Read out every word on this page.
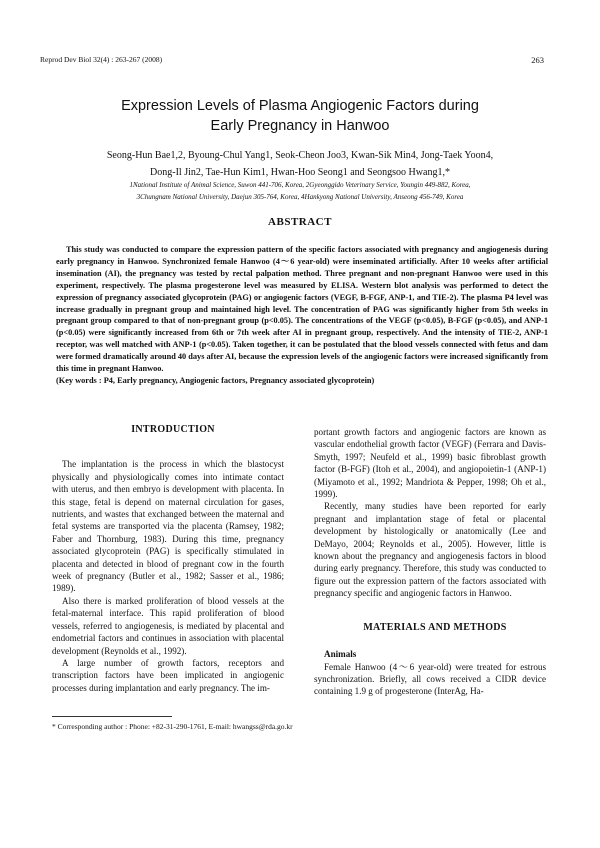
Reprod Dev Biol 32(4) : 263-267 (2008)	263
Expression Levels of Plasma Angiogenic Factors during
Early Pregnancy in Hanwoo
Seong-Hun Bae1,2, Byoung-Chul Yang1, Seok-Cheon Joo3, Kwan-Sik Min4, Jong-Taek Yoon4,
Dong-Il Jin2, Tae-Hun Kim1, Hwan-Hoo Seong1 and Seongsoo Hwang1,*
1National Institute of Animal Science, Suwon 441-706, Korea, 2Gyeonggido Veterinary Service, Youngin 449-882, Korea,
3Chungnam National University, Daejun 305-764, Korea, 4Hankyong National University, Anseong 456-749, Korea
ABSTRACT

This study was conducted to compare the expression pattern of the specific factors associated with pregnancy and angiogenesis during early pregnancy in Hanwoo. Synchronized female Hanwoo (4～6 year-old) were inseminated artificially. After 10 weeks after artificial insemination (AI), the pregnancy was tested by rectal palpation method. Three pregnant and non-pregnant Hanwoo were used in this experiment, respectively. The plasma progesterone level was measured by ELISA. Western blot analysis was performed to detect the expression of pregnancy associated glycoprotein (PAG) or angiogenic factors (VEGF, B-FGF, ANP-1, and TIE-2). The plasma P4 level was increase gradually in pregnant group and maintained high level. The concentration of PAG was significantly higher from 5th weeks in pregnant group compared to that of non-pregnant group (p<0.05). The concentrations of the VEGF (p<0.05), B-FGF (p<0.05), and ANP-1 (p<0.05) were significantly increased from 6th or 7th week after AI in pregnant group, respectively. And the intensity of TIE-2, ANP-1 receptor, was well matched with ANP-1 (p<0.05). Taken together, it can be postulated that the blood vessels connected with fetus and dam were formed dramatically around 40 days after AI, because the expression levels of the angiogenic factors were increased significantly from this time in pregnant Hanwoo.

(Key words : P4, Early pregnancy, Angiogenic factors, Pregnancy associated glycoprotein)

INTRODUCTION

The implantation is the process in which the blastocyst physically and physiologically comes into intimate contact with uterus, and then embryo is development with placenta. In this stage, fetal is depend on maternal circulation for gases, nutrients, and wastes that exchanged between the maternal and fetal systems are transported via the placenta (Ramsey, 1982; Faber and Thornburg, 1983). During this time, pregnancy associated glycoprotein (PAG) is specifically stimulated in placenta and detected in blood of pregnant cow in the fourth week of pregnancy (Butler et al., 1982; Sasser et al., 1986; 1989).

Also there is marked proliferation of blood vessels at the fetal-maternal interface. This rapid proliferation of blood vessels, referred to angiogenesis, is mediated by placental and endometrial factors and continues in association with placental development (Reynolds et al., 1992).

A large number of growth factors, receptors and transcription factors have been implicated in angiogenic processes during implantation and early pregnancy. The im-

portant growth factors and angiogenic factors are known as vascular endothelial growth factor (VEGF) (Ferrara and Davis-Smyth, 1997; Neufeld et al., 1999) basic fibroblast growth factor (B-FGF) (Itoh et al., 2004), and angiopoietin-1 (ANP-1) (Miyamoto et al., 1992; Mandriota & Pepper, 1998; Oh et al., 1999).

Recently, many studies have been reported for early pregnant and implantation stage of fetal or placental development by histologically or anatomically (Lee and DeMayo, 2004; Reynolds et al., 2005). However, little is known about the pregnancy and angiogenesis factors in blood during early pregnancy. Therefore, this study was conducted to figure out the expression pattern of the factors associated with pregnancy specific and angiogenic factors in Hanwoo.

MATERIALS AND METHODS

Animals

Female Hanwoo (4～6 year-old) were treated for estrous synchronization. Briefly, all cows received a CIDR device containing 1.9 g of progesterone (InterAg, Ha-

* Corresponding author : Phone: +82-31-290-1761, E-mail: hwangss@rda.go.kr
